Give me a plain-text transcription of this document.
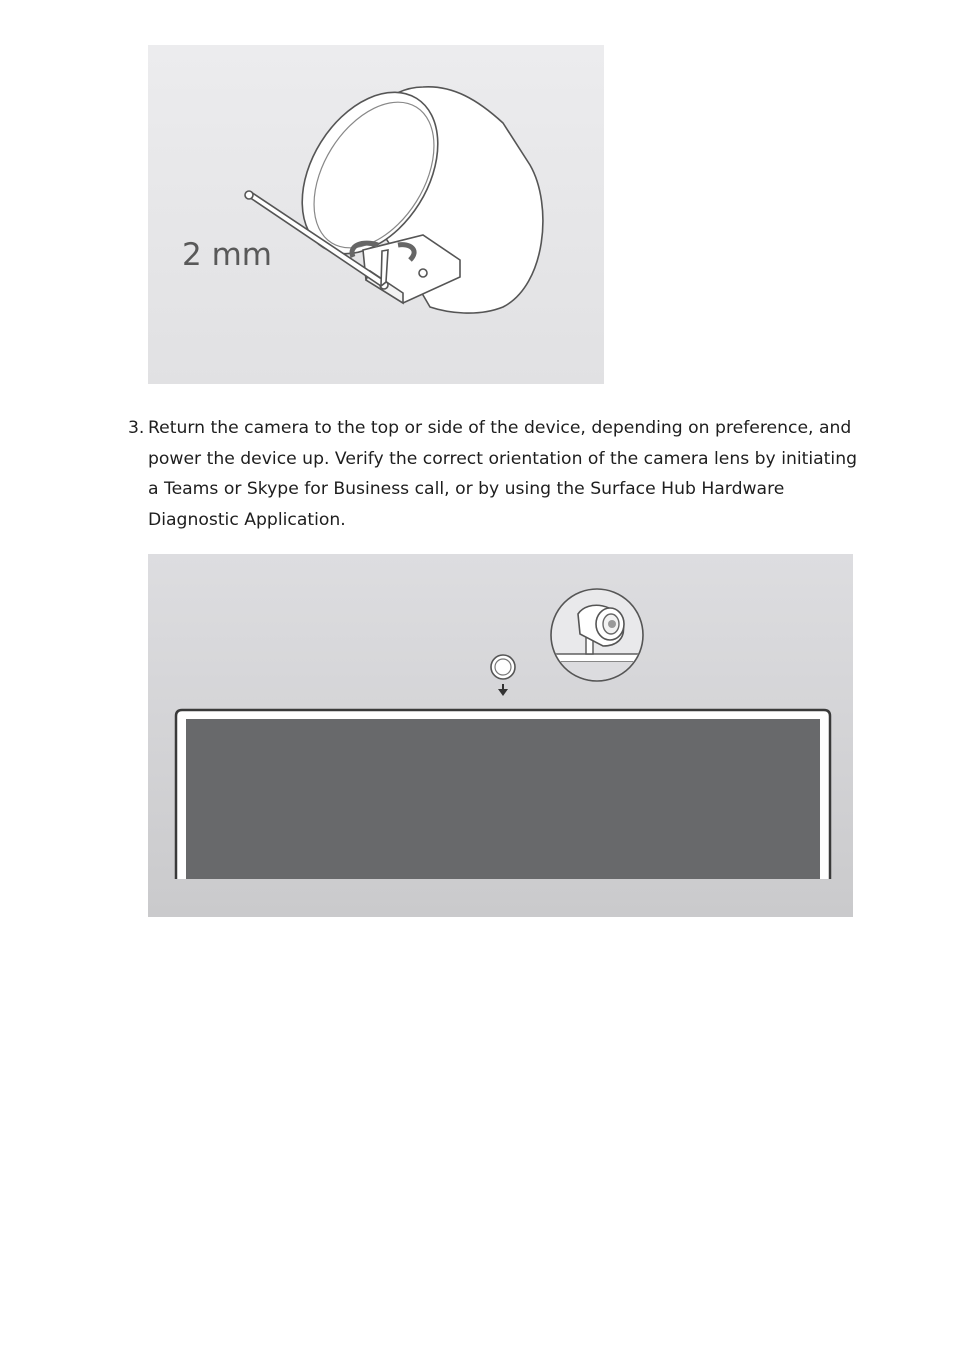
2 mm
3. Return the camera to the top or side of the device, depending on preference, and
power the device up. Verify the correct orientation of the camera lens by initiating
a Teams or Skype for Business call, or by using the Surface Hub Hardware
Diagnostic Application.
